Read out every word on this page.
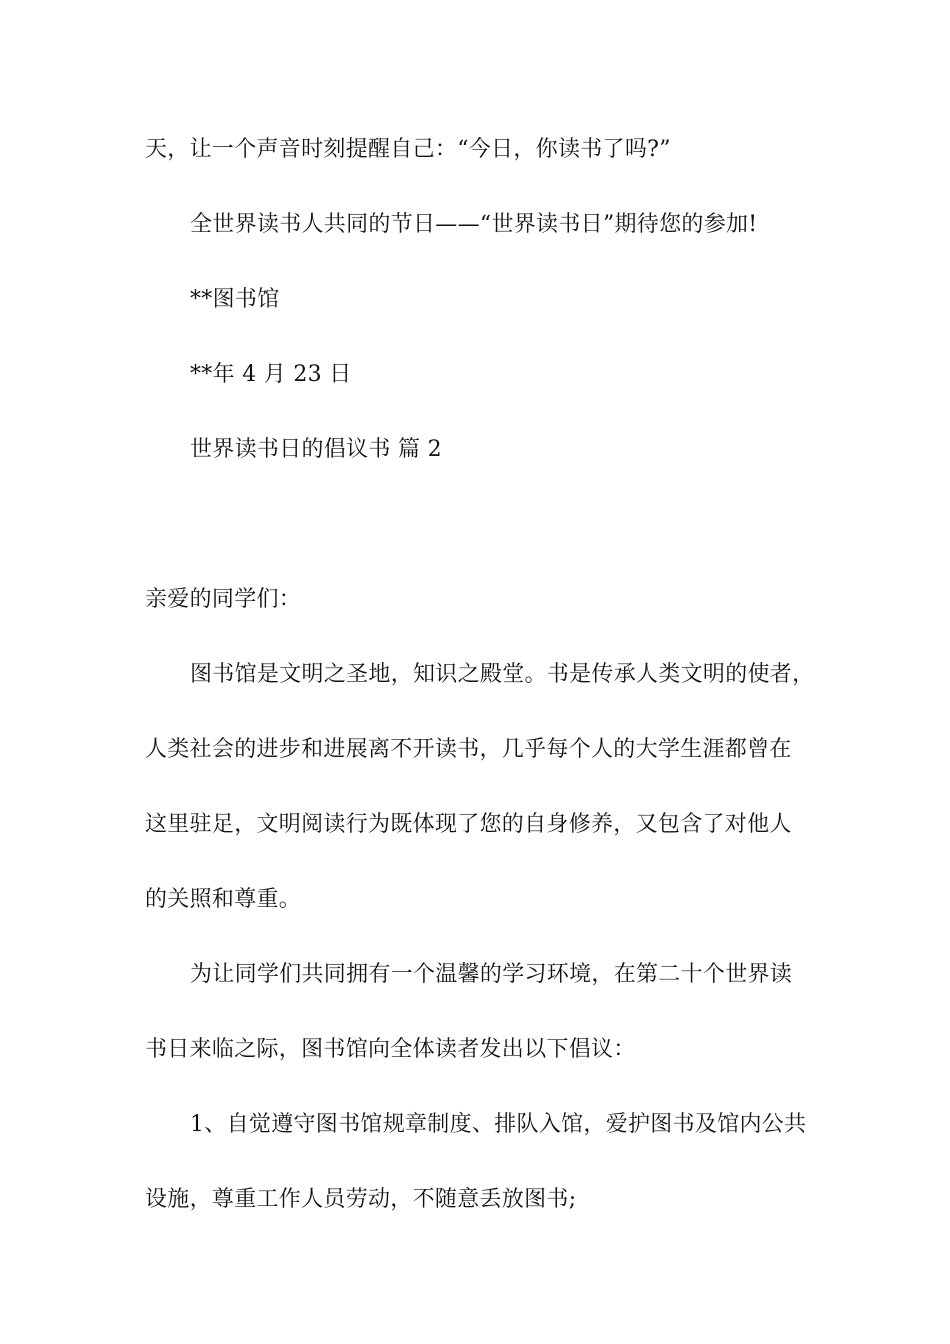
天，让一个声音时刻提醒自己：“今日，你读书了吗?”
全世界读书人共同的节日——“世界读书日”期待您的参加!
**图书馆
**年 4 月 23 日
世界读书日的倡议书 篇 2
亲爱的同学们：
图书馆是文明之圣地，知识之殿堂。书是传承人类文明的使者，
人类社会的进步和进展离不开读书，几乎每个人的大学生涯都曾在
这里驻足，文明阅读行为既体现了您的自身修养，又包含了对他人
的关照和尊重。
为让同学们共同拥有一个温馨的学习环境，在第二十个世界读
书日来临之际，图书馆向全体读者发出以下倡议：
1、自觉遵守图书馆规章制度、排队入馆，爱护图书及馆内公共
设施，尊重工作人员劳动，不随意丢放图书;
